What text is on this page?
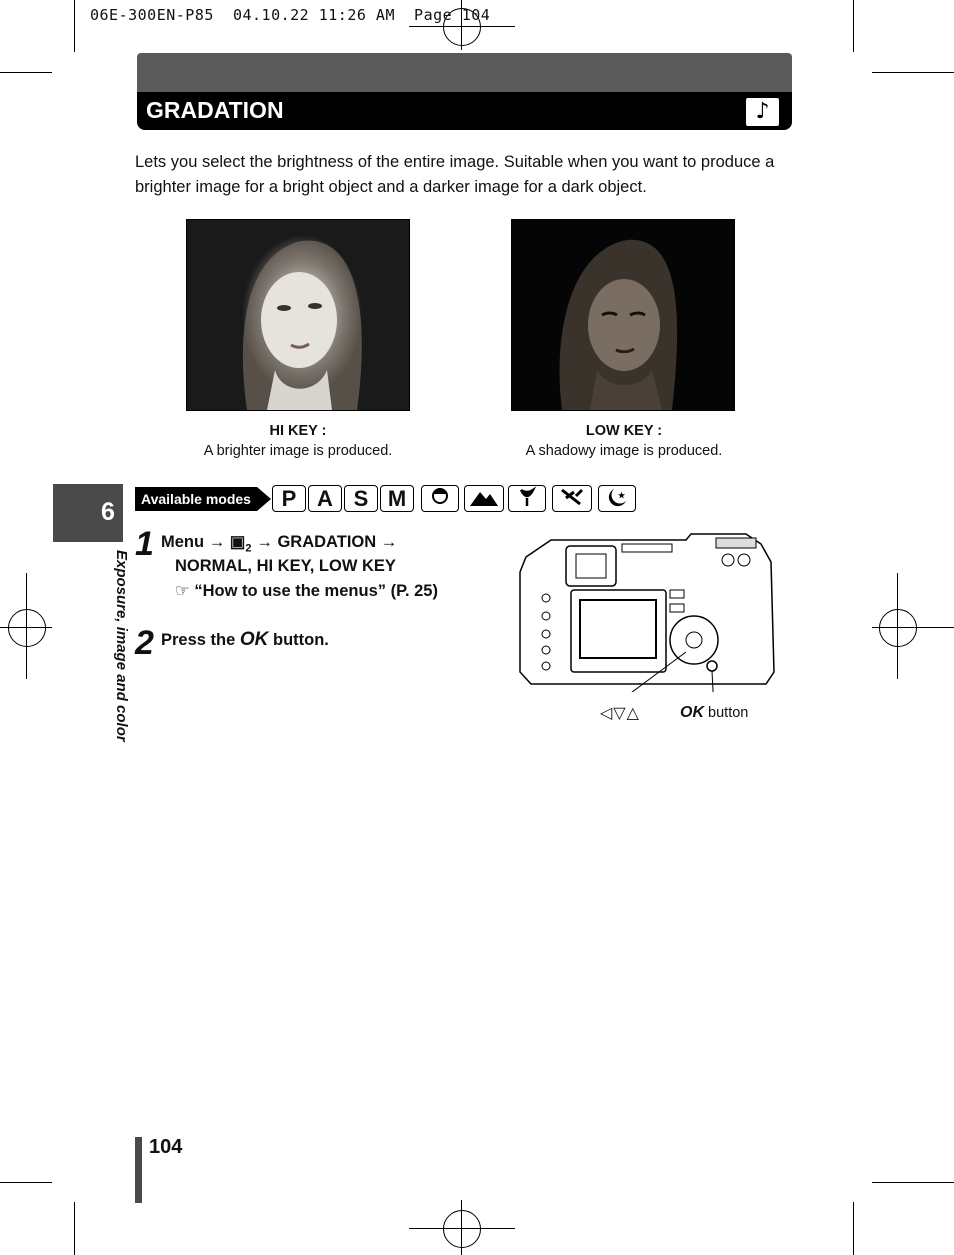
06E-300EN-P85  04.10.22 11:26 AM  Page 104
GRADATION	♪
Lets you select the brightness of the entire image. Suitable when you want to produce a brighter image for a bright object and a darker image for a dark object.
HI KEY :
A brighter image is produced.
LOW KEY :
A shadowy image is produced.
6
Exposure, image and color
Available modes	P A S M	★
1 Menu → $▣_2$ → GRADATION →
NORMAL, HI KEY, LOW KEY
☞ “How to use the menus” (P. 25)
2 Press the OK button.
◁▽△	OK button
104
